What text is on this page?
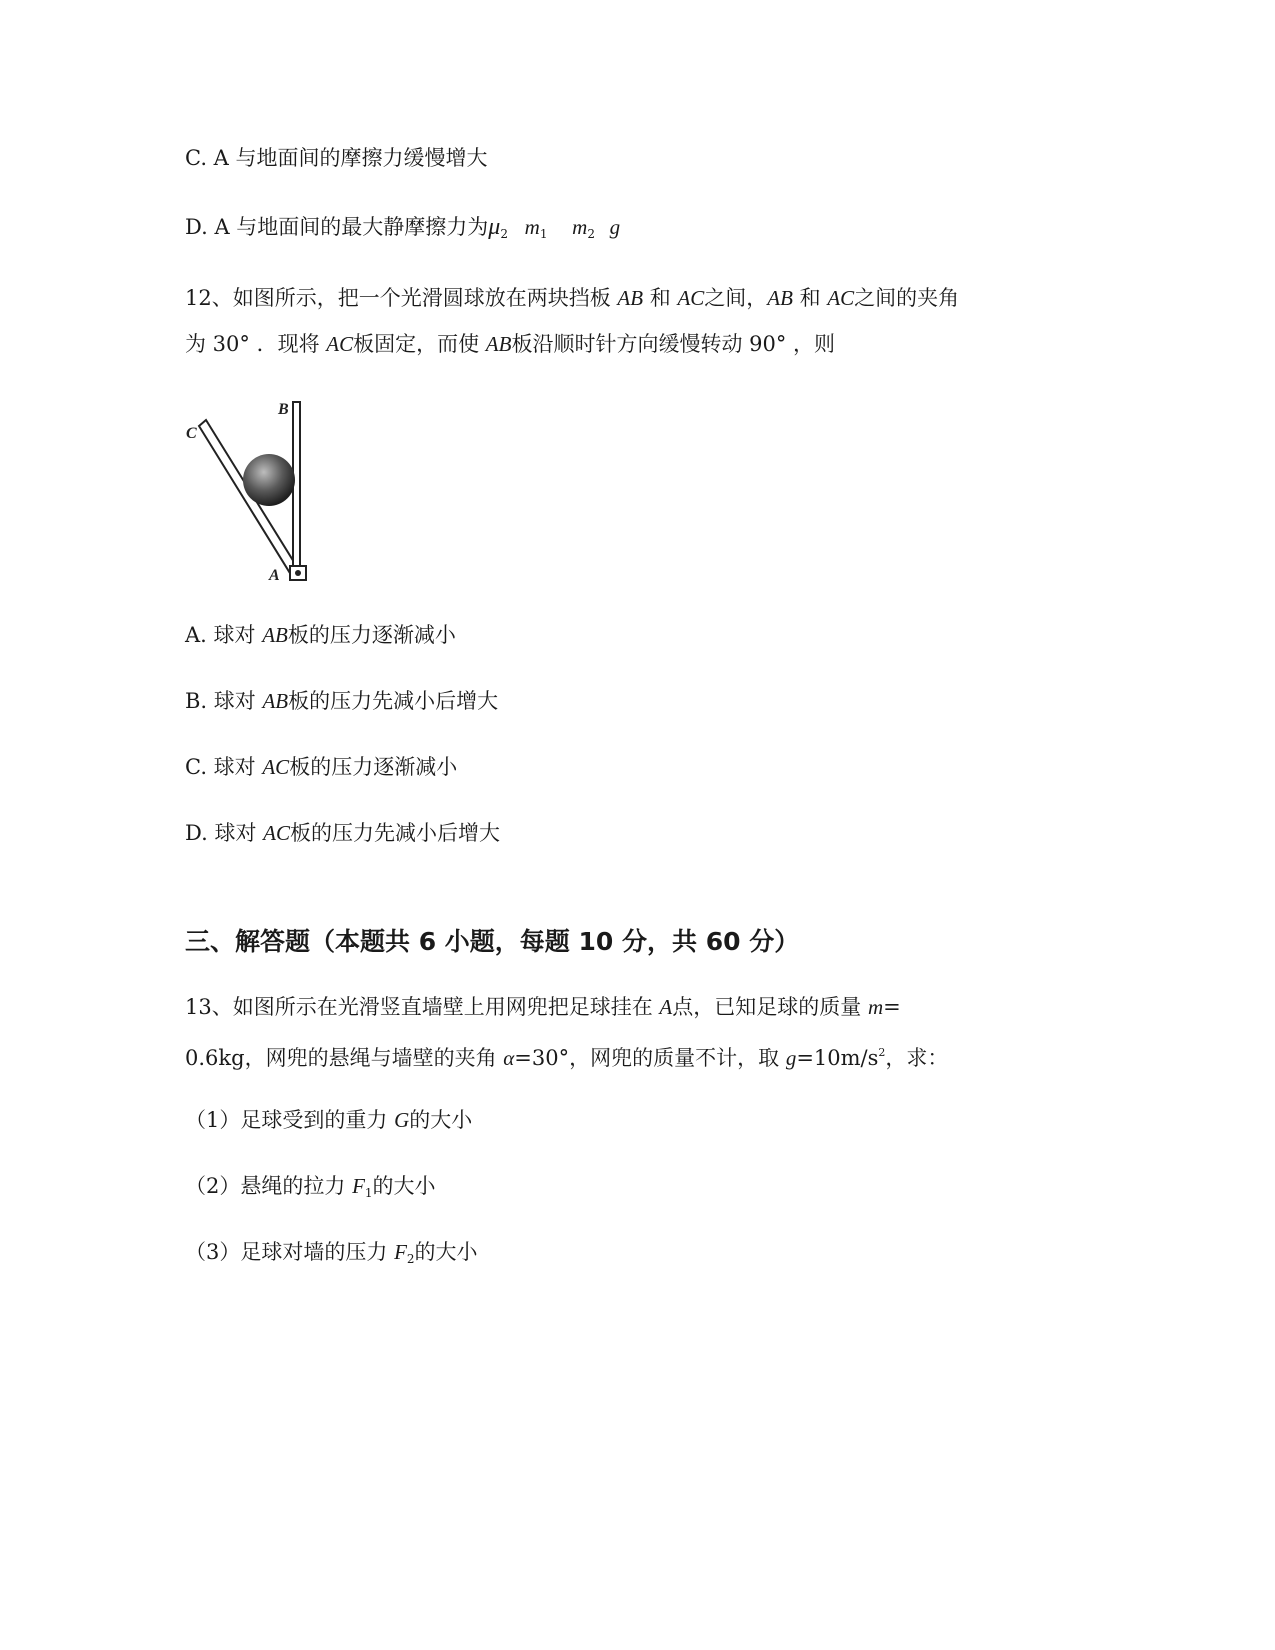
C. A 与地面间的摩擦力缓慢增大
D. A 与地面间的最大静摩擦力为$\mu_2$ $m_1$ $m_2$ g
12、如图所示，把一个光滑圆球放在两块挡板 AB 和 AC之间，AB 和 AC之间的夹角
为 30° ．现将 AC板固定，而使 AB板沿顺时针方向缓慢转动 90° ，则
B
C
A
A. 球对 AB板的压力逐渐减小
B. 球对 AB板的压力先减小后增大
C. 球对 AC板的压力逐渐减小
D. 球对 AC板的压力先减小后增大
三、解答题（本题共 6 小题，每题 10 分，共 60 分）
13、如图所示在光滑竖直墙壁上用网兜把足球挂在 A点，已知足球的质量 m=
0.6kg，网兜的悬绳与墙壁的夹角 α=30°，网兜的质量不计，取 $g=10m/s^2$，求：
（1）足球受到的重力 G的大小
（2）悬绳的拉力 $F_1$的大小
（3）足球对墙的压力 $F_2$的大小
